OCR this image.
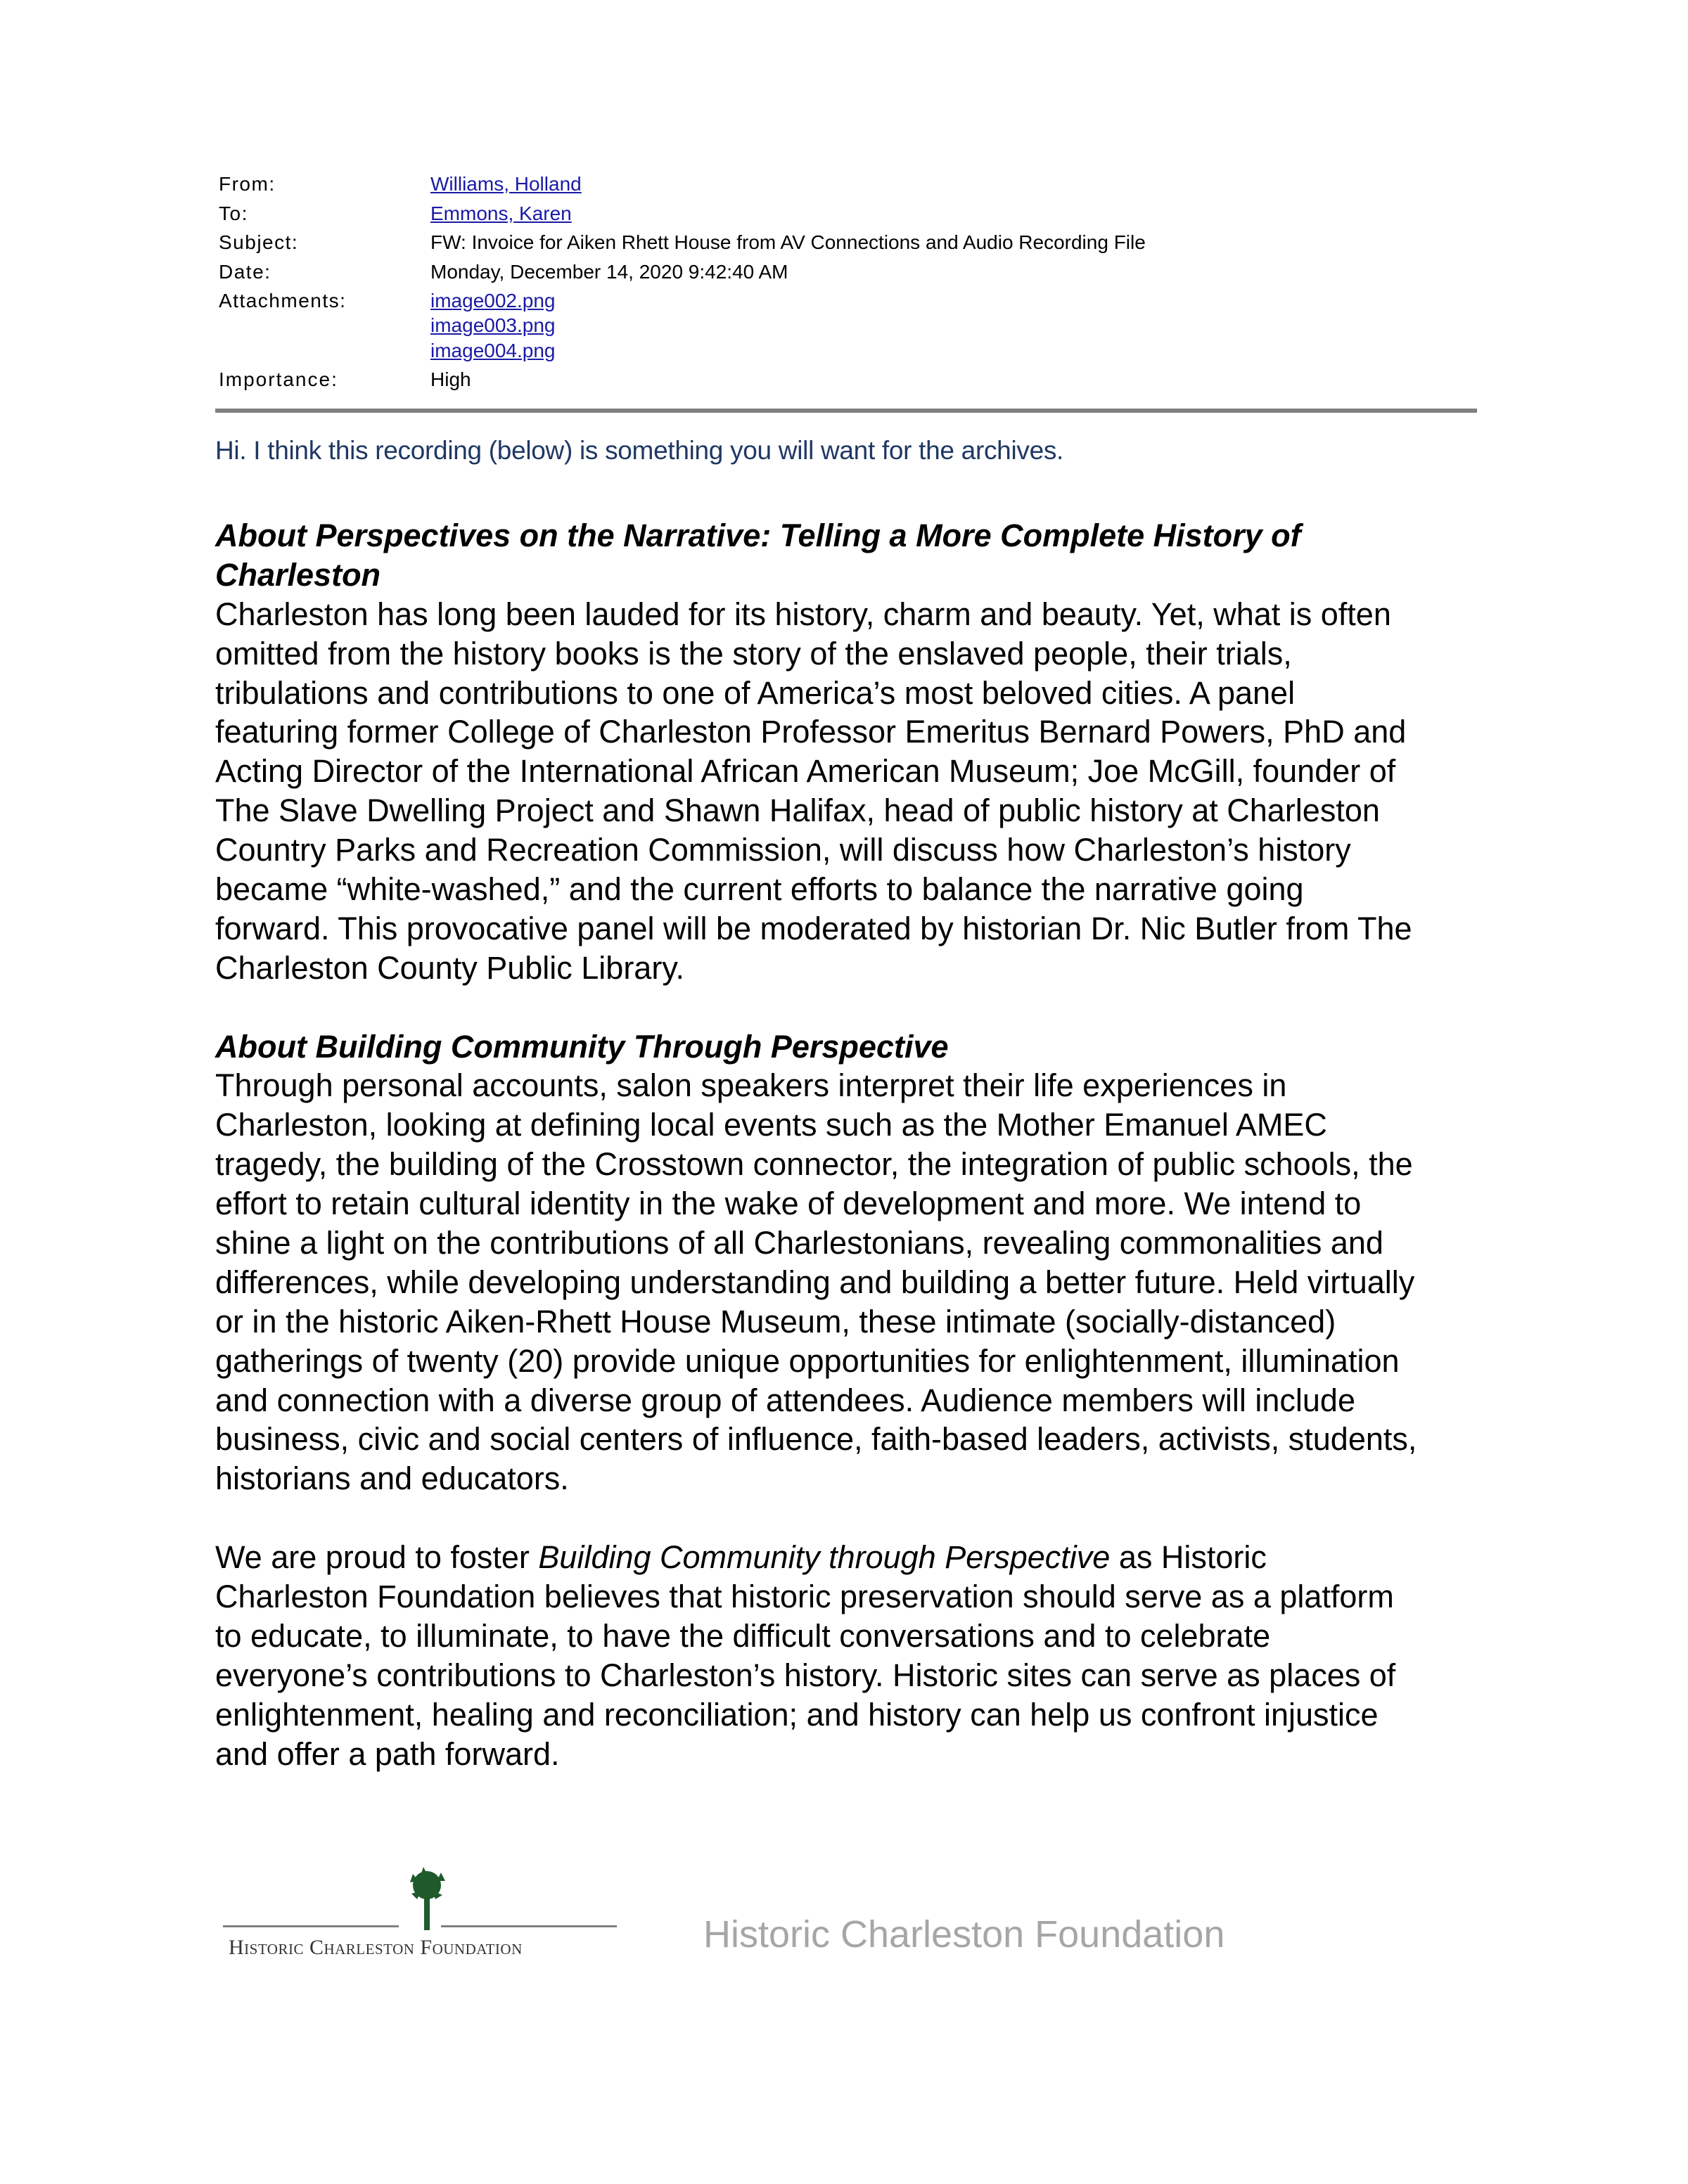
From:	Williams, Holland
To:	Emmons, Karen
Subject:	FW: Invoice for Aiken Rhett House from AV Connections and Audio Recording File
Date:	Monday, December 14, 2020 9:42:40 AM
Attachments:	image002.png
image003.png
image004.png
Importance:	High
Hi. I think this recording (below) is something you will want for the archives.
About Perspectives on the Narrative: Telling a More Complete History of
Charleston
Charleston has long been lauded for its history, charm and beauty. Yet, what is often
omitted from the history books is the story of the enslaved people, their trials,
tribulations and contributions to one of America’s most beloved cities. A panel
featuring former College of Charleston Professor Emeritus Bernard Powers, PhD and
Acting Director of the International African American Museum; Joe McGill, founder of
The Slave Dwelling Project and Shawn Halifax, head of public history at Charleston
Country Parks and Recreation Commission, will discuss how Charleston’s history
became “white-washed,” and the current efforts to balance the narrative going
forward. This provocative panel will be moderated by historian Dr. Nic Butler from The
Charleston County Public Library.
About Building Community Through Perspective
Through personal accounts, salon speakers interpret their life experiences in
Charleston, looking at defining local events such as the Mother Emanuel AMEC
tragedy, the building of the Crosstown connector, the integration of public schools, the
effort to retain cultural identity in the wake of development and more. We intend to
shine a light on the contributions of all Charlestonians, revealing commonalities and
differences, while developing understanding and building a better future. Held virtually
or in the historic Aiken-Rhett House Museum, these intimate (socially-distanced)
gatherings of twenty (20) provide unique opportunities for enlightenment, illumination
and connection with a diverse group of attendees. Audience members will include
business, civic and social centers of influence, faith-based leaders, activists, students,
historians and educators.
We are proud to foster Building Community through Perspective as Historic
Charleston Foundation believes that historic preservation should serve as a platform
to educate, to illuminate, to have the difficult conversations and to celebrate
everyone’s contributions to Charleston’s history. Historic sites can serve as places of
enlightenment, healing and reconciliation; and history can help us confront injustice
and offer a path forward.
Historic Charleston Foundation
Historic Charleston Foundation
